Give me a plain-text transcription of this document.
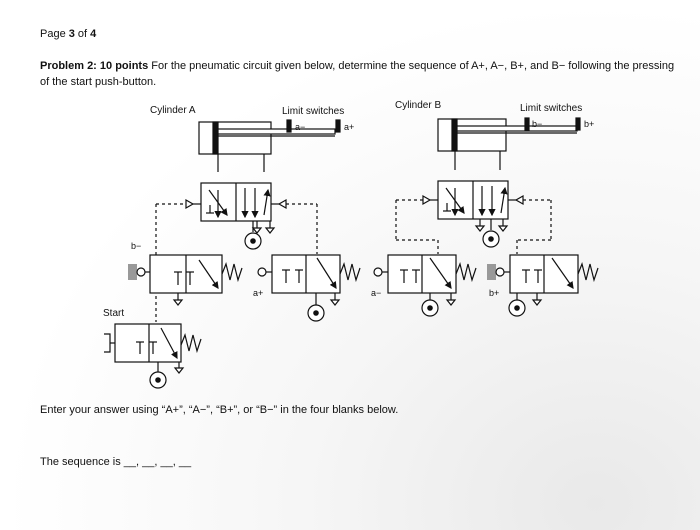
Page 3 of 4
Problem 2: 10 points For the pneumatic circuit given below, determine the sequence of A+, A−, B+, and B− following the pressing of the start push-button.
Cylinder A	Limit switches
a−	a+
Cylinder B	Limit switches
b−	b+
b−
a+	a−	b+
Start
Enter your answer using “A+”, “A−”, “B+”, or “B−” in the four blanks below.
The sequence is __, __, __, __
